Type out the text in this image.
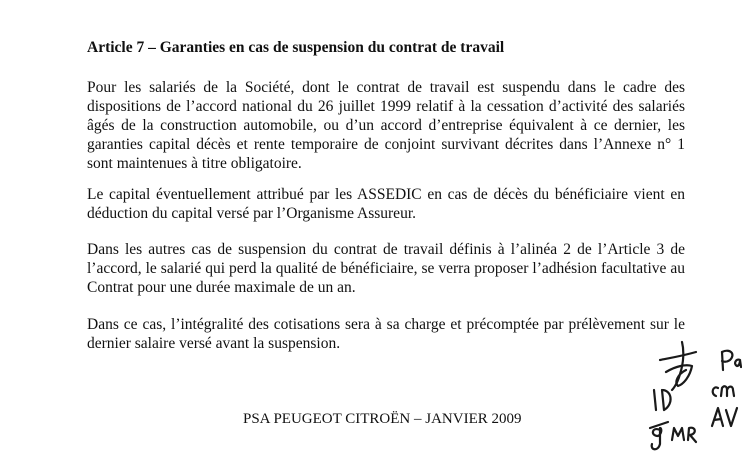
Article 7 – Garanties en cas de suspension du contrat de travail

Pour les salariés de la Société, dont le contrat de travail est suspendu dans le cadre des dispositions de l’accord national du 26 juillet 1999 relatif à la cessation d’activité des salariés âgés de la construction automobile, ou d’un accord d’entreprise équivalent à ce dernier, les garanties capital décès et rente temporaire de conjoint survivant décrites dans l’Annexe n° 1 sont maintenues à titre obligatoire.

Le capital éventuellement attribué par les ASSEDIC en cas de décès du bénéficiaire vient en déduction du capital versé par l’Organisme Assureur.

Dans les autres cas de suspension du contrat de travail définis à l’alinéa 2 de l’Article 3 de l’accord, le salarié qui perd la qualité de bénéficiaire, se verra proposer l’adhésion facultative au Contrat pour une durée maximale de un an.

Dans ce cas, l’intégralité des cotisations sera à sa charge et précomptée par prélèvement sur le dernier salaire versé avant la suspension.

PSA PEUGEOT CITROËN – JANVIER 2009
